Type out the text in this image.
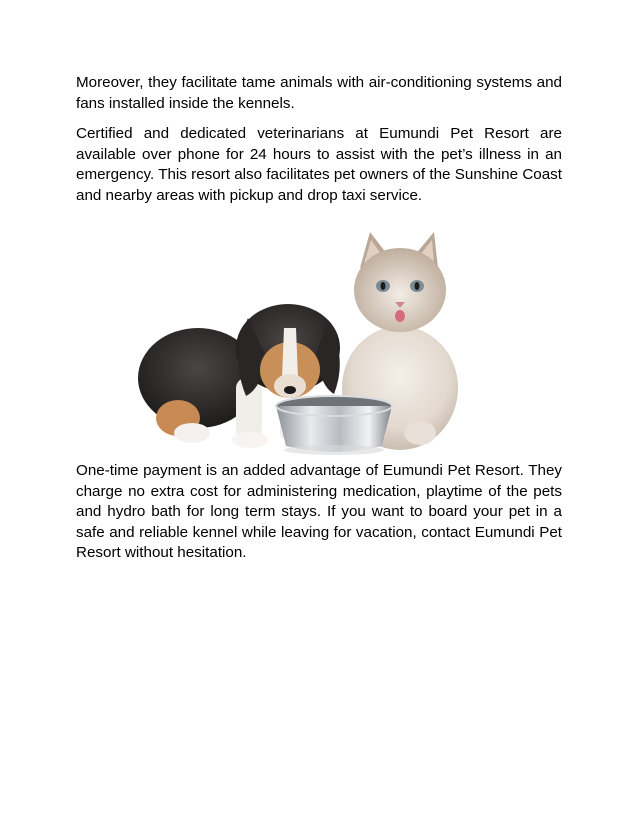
Moreover, they facilitate tame animals with air-conditioning systems and fans installed inside the kennels.

Certified and dedicated veterinarians at Eumundi Pet Resort are available over phone for 24 hours to assist with the pet’s illness in an emergency. This resort also facilitates pet owners of the Sunshine Coast and nearby areas with pickup and drop taxi service.

One-time payment is an added advantage of Eumundi Pet Resort. They charge no extra cost for administering medication, playtime of the pets and hydro bath for long term stays. If you want to board your pet in a safe and reliable kennel while leaving for vacation, contact Eumundi Pet Resort without hesitation.
